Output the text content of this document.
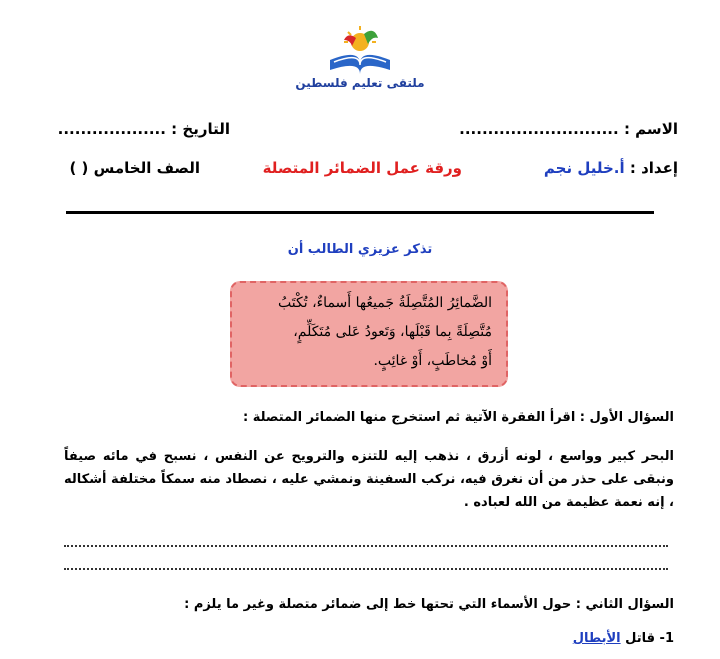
ملتقى تعليم فلسطين
الاسم : ............................
التاريخ : ...................
إعداد : أ.خليل نجم
ورقة عمل الضمائر المتصلة
الصف الخامس ( )
تذكر عزيزي الطالب أن
الضَّمائِرُ المُتَّصِلَةُ جَميعُها أَسماءٌ، تُكْتَبُ
مُتَّصِلَةً بِما قَبْلَها، وَتَعودُ عَلى مُتَكَلِّمٍ،
أَوْ مُخاطَبٍ، أَوْ غائِبٍ.
السؤال الأول : اقرأ الفقرة الآتية ثم استخرج منها الضمائر المتصلة :
البحر كبير وواسع ، لونه أزرق ، نذهب إليه للتنزه والترويح عن النفس ، نسبح في مائه صيفاً ونبقى على حذر من أن نغرق فيه، نركب السفينة ونمشي عليه ، نصطاد منه سمكاً مختلفة أشكاله ، إنه نعمة عظيمة من الله لعباده .
السؤال الثاني : حول الأسماء التي تحتها خط إلى ضمائر متصلة وغير ما يلزم :
1- قاتل الأبطال
